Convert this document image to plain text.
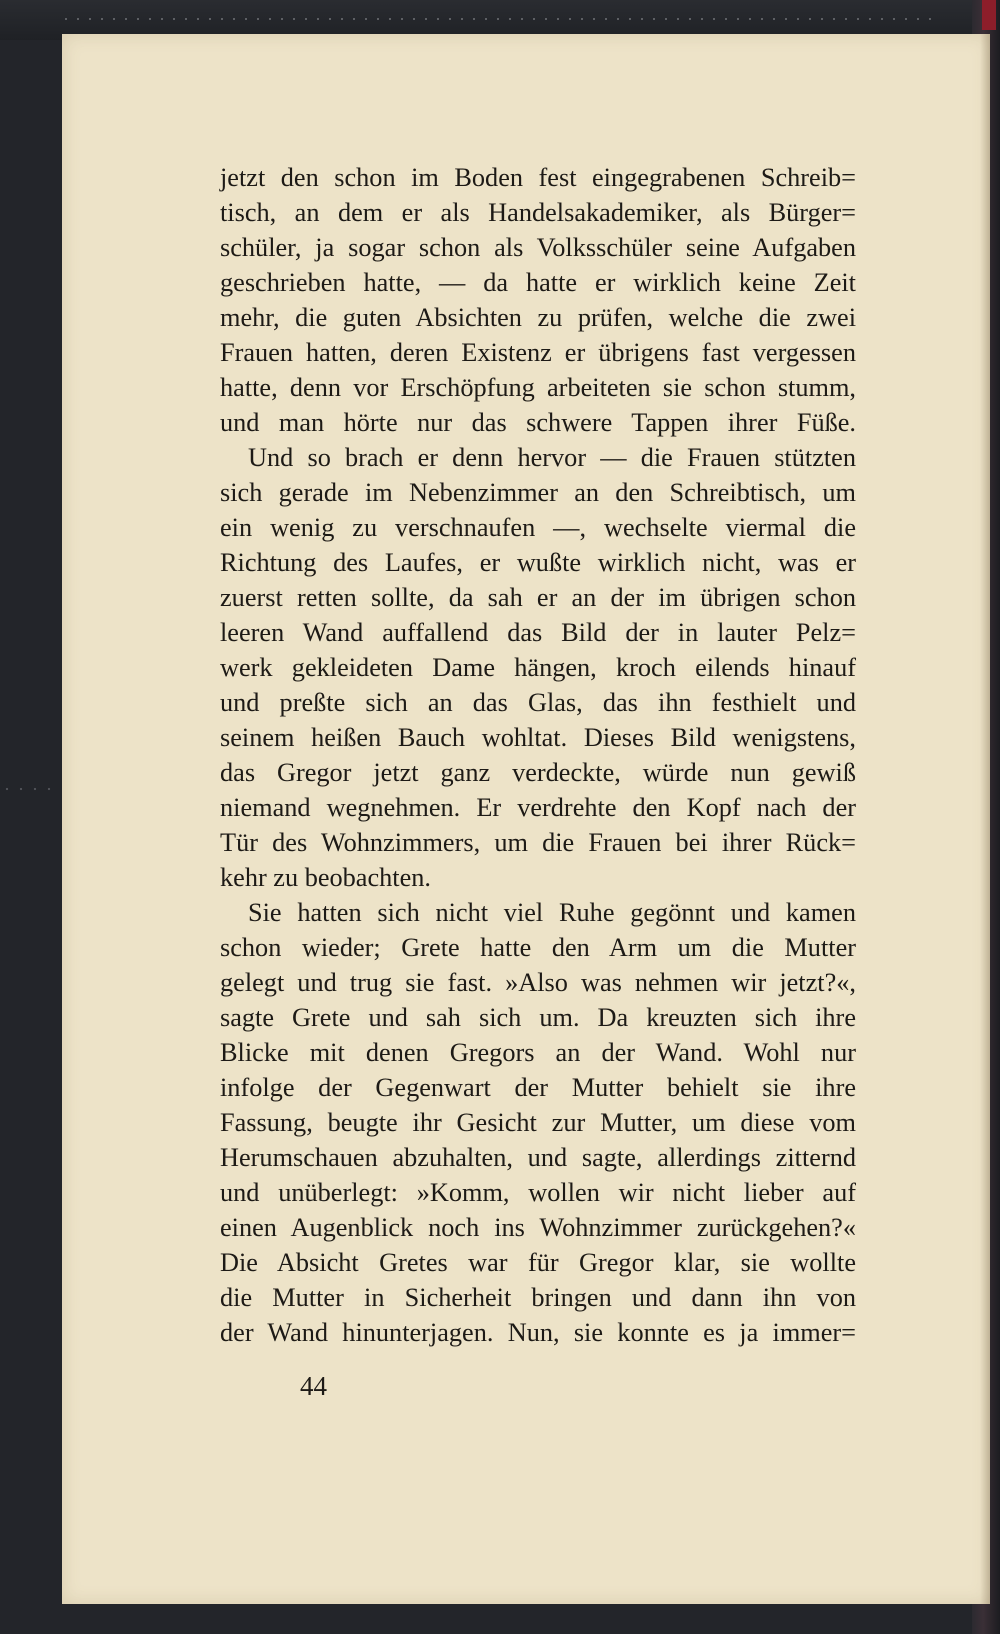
jetzt den schon im Boden fest eingegrabenen Schreib=
tisch, an dem er als Handelsakademiker, als Bürger=
schüler, ja sogar schon als Volksschüler seine Aufgaben
geschrieben hatte, — da hatte er wirklich keine Zeit
mehr, die guten Absichten zu prüfen, welche die zwei
Frauen hatten, deren Existenz er übrigens fast vergessen
hatte, denn vor Erschöpfung arbeiteten sie schon stumm,
und man hörte nur das schwere Tappen ihrer Füße.
Und so brach er denn hervor — die Frauen stützten
sich gerade im Nebenzimmer an den Schreibtisch, um
ein wenig zu verschnaufen —, wechselte viermal die
Richtung des Laufes, er wußte wirklich nicht, was er
zuerst retten sollte, da sah er an der im übrigen schon
leeren Wand auffallend das Bild der in lauter Pelz=
werk gekleideten Dame hängen, kroch eilends hinauf
und preßte sich an das Glas, das ihn festhielt und
seinem heißen Bauch wohltat. Dieses Bild wenigstens,
das Gregor jetzt ganz verdeckte, würde nun gewiß
niemand wegnehmen. Er verdrehte den Kopf nach der
Tür des Wohnzimmers, um die Frauen bei ihrer Rück=
kehr zu beobachten.
Sie hatten sich nicht viel Ruhe gegönnt und kamen
schon wieder; Grete hatte den Arm um die Mutter
gelegt und trug sie fast. »Also was nehmen wir jetzt?«,
sagte Grete und sah sich um. Da kreuzten sich ihre
Blicke mit denen Gregors an der Wand. Wohl nur
infolge der Gegenwart der Mutter behielt sie ihre
Fassung, beugte ihr Gesicht zur Mutter, um diese vom
Herumschauen abzuhalten, und sagte, allerdings zitternd
und unüberlegt: »Komm, wollen wir nicht lieber auf
einen Augenblick noch ins Wohnzimmer zurückgehen?«
Die Absicht Gretes war für Gregor klar, sie wollte
die Mutter in Sicherheit bringen und dann ihn von
der Wand hinunterjagen. Nun, sie konnte es ja immer=
44
